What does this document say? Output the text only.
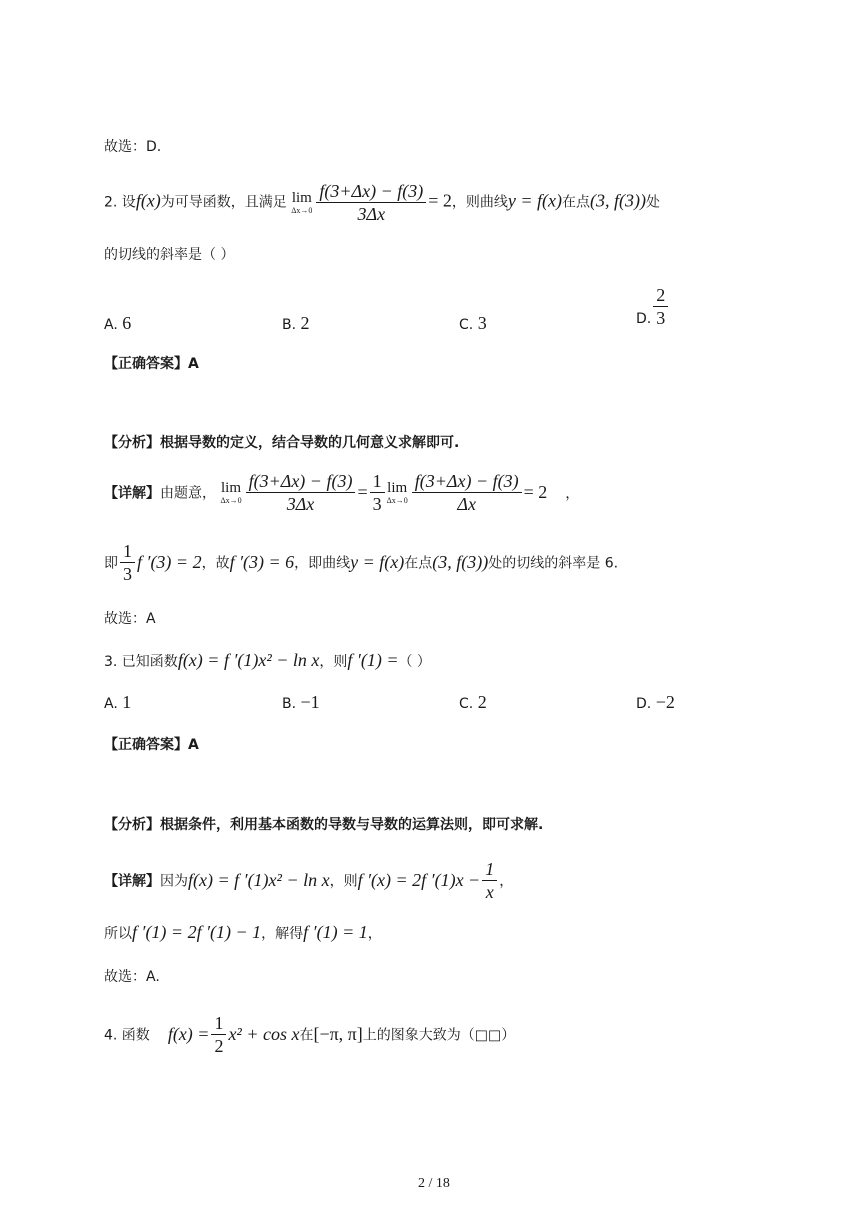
故选：D.
2. 设f(x)为可导函数，且满足 lim
$\Delta x\to 0 \frac{f(3+\Delta x) - f(3)}{3\Delta x} = 2$，则曲线y = f(x)在点(3, f(3))处
的切线的斜率是（ ）
A. 6	B. 2	C. 3	D. $\frac{2}{3}$
【正确答案】A
【分析】根据导数的定义，结合导数的几何意义求解即可.
【详解】由题意， lim
$\Delta x\to 0 \frac{f(3+\Delta x) - f(3)}{3\Delta x} = \frac{1}{3}$ lim
$\Delta x\to 0 \frac{f(3+\Delta x) - f(3)}{\Delta x} = 2$ ，
即 $\frac{1}{3}$ f ′(3) = 2，故f ′(3) = 6，即曲线y = f(x)在点(3, f(3))处的切线的斜率是 6.
故选：A
3. 已知函数f(x) = f ′(1)x² − ln x，则f ′(1) =（ ）
A. 1	B. −1	C. 2	D. −2
【正确答案】A
【分析】根据条件，利用基本函数的导数与导数的运算法则，即可求解.
【详解】因为f(x) = f ′(1)x² − ln x，则f ′(x) = 2f $'(1)x - \frac{1}{x}$ ，
所以f ′(1) = 2f ′(1) − 1，解得f ′(1) = 1，
故选：A.
4. 函数 $f(x) = \frac{1}{2} x^2 + \cos x$在[−π, π]上的图象大致为（□□）
2 / 18
